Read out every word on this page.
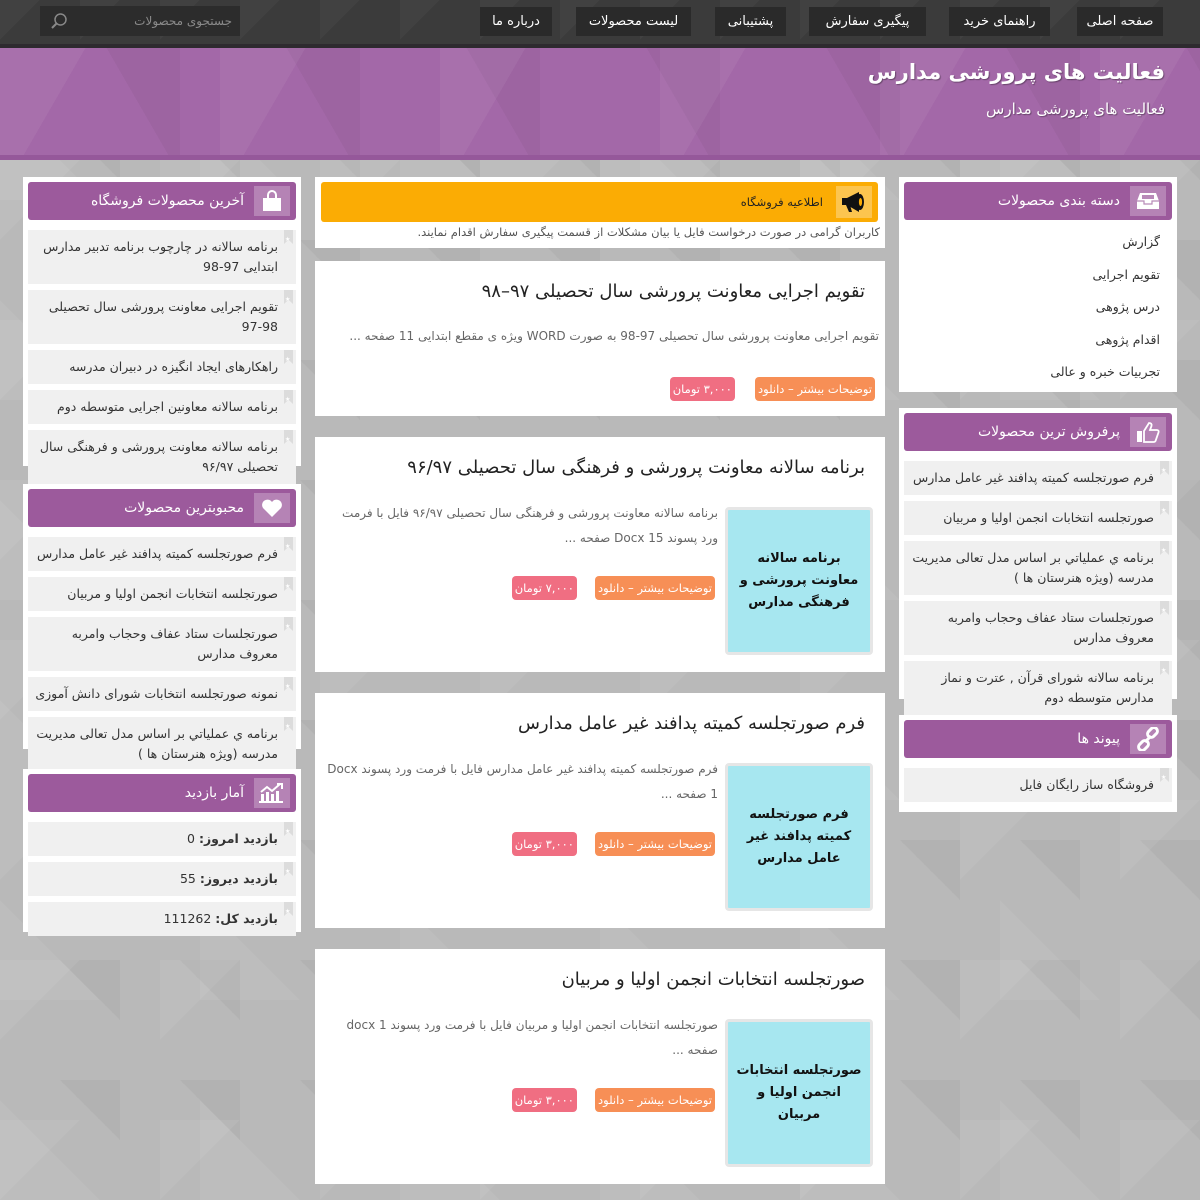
صفحه اصلی
راهنمای خرید
پیگیری سفارش
پشتیبانی
لیست محصولات
درباره ما
جستجوی محصولات
فعالیت های پرورشی مدارس
فعالیت های پرورشی مدارس
دسته بندی محصولات
گزارش
تقویم اجرایی
درس پژوهی
اقدام پژوهی
تجربیات خبره و عالی
پرفروش ترین محصولات
★
فرم صورتجلسه کمیته پدافند غیر عامل مدارس
★
صورتجلسه انتخابات انجمن اولیا و مربیان
★
برنامه ي عملياتي بر اساس مدل تعالی مدیریت مدرسه (ویژه هنرستان ها )
★
صورتجلسات ستاد عفاف وحجاب وامربه معروف مدارس
★
برنامه سالانه شورای قرآن , عترت و نماز مدارس متوسطه دوم
پیوند ها
★
فروشگاه ساز رایگان فایل
اطلاعیه فروشگاه
کاربران گرامی در صورت درخواست فایل یا بیان مشکلات از قسمت پیگیری سفارش اقدام نمایند.
تقویم اجرایی معاونت پرورشی سال تحصیلی ۹۷–۹۸
تقویم اجرایی معاونت پرورشی سال تحصیلی 97-98 به صورت WORD ویژه ی مقطع ابتدایی 11 صفحه ...
توضیحات بیشتر – دانلود
۳,۰۰۰ تومان
برنامه سالانه معاونت پرورشی و فرهنگی سال تحصیلی ۹۶/۹۷
برنامه سالانه معاونت پرورشی و فرهنگی مدارس
برنامه سالانه معاونت پرورشی و فرهنگی سال تحصیلی ۹۶/۹۷ فایل با فرمت ورد پسوند Docx 15 صفحه ...
توضیحات بیشتر – دانلود
۷,۰۰۰ تومان
فرم صورتجلسه کمیته پدافند غیر عامل مدارس
فرم صورتجلسه کمیته پدافند غیر عامل مدارس
فرم صورتجلسه کمیته پدافند غیر عامل مدارس فایل با فرمت ورد پسوند Docx 1 صفحه ...
توضیحات بیشتر – دانلود
۳,۰۰۰ تومان
صورتجلسه انتخابات انجمن اولیا و مربیان
صورتجلسه انتخابات انجمن اولیا و مربیان
صورتجلسه انتخابات انجمن اولیا و مربیان فایل با فرمت ورد پسوند docx 1 صفحه ...
توضیحات بیشتر – دانلود
۳,۰۰۰ تومان
آخرین محصولات فروشگاه
★
برنامه سالانه در چارچوب برنامه تدبیر مدارس ابتدایی 97-98
★
تقویم اجرایی معاونت پرورشی سال تحصیلی 98-97
★
راهکارهای ایجاد انگیزه در دبیران مدرسه
★
برنامه سالانه معاونین اجرایی متوسطه دوم
★
برنامه سالانه معاونت پرورشی و فرهنگی سال تحصیلی ۹۶/۹۷
محبوبترین محصولات
★
فرم صورتجلسه کمیته پدافند غیر عامل مدارس
★
صورتجلسه انتخابات انجمن اولیا و مربیان
★
صورتجلسات ستاد عفاف وحجاب وامربه معروف مدارس
★
نمونه صورتجلسه انتخابات شورای دانش آموزی
★
برنامه ي عملياتي بر اساس مدل تعالی مدیریت مدرسه (ویژه هنرستان ها )
آمار بازدید
★
بازدید امروز: 0
★
بازدید دیروز: 55
★
بازدید کل: 111262
